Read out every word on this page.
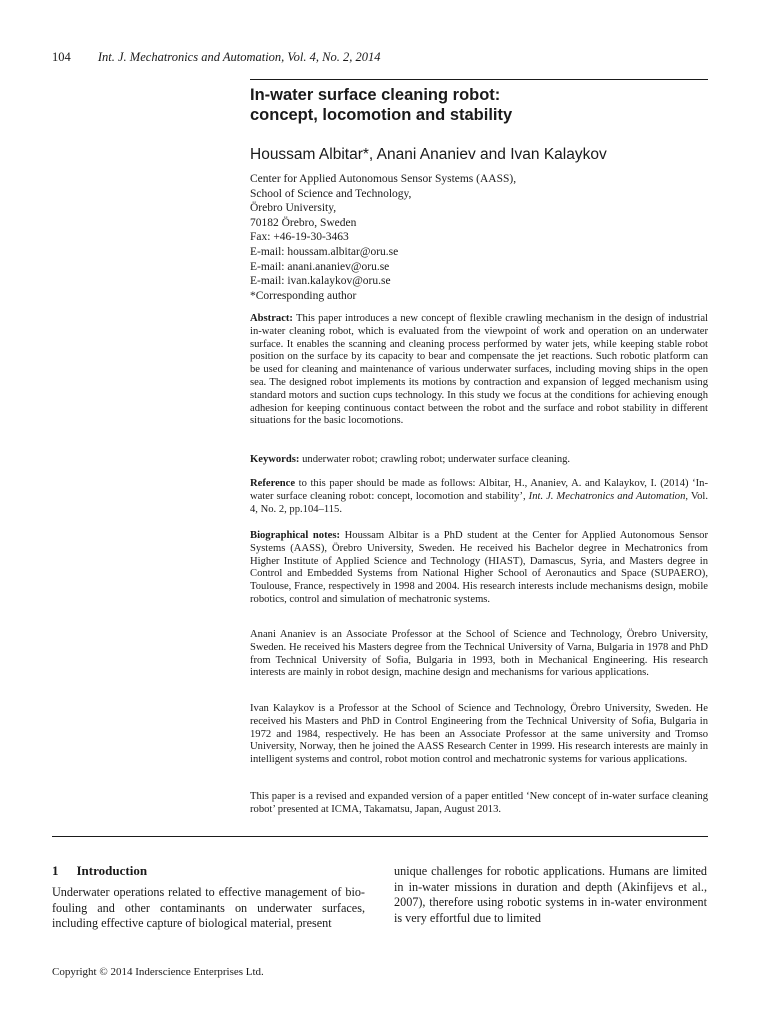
104 Int. J. Mechatronics and Automation, Vol. 4, No. 2, 2014
In-water surface cleaning robot:
concept, locomotion and stability
Houssam Albitar*, Anani Ananiev and Ivan Kalaykov
Center for Applied Autonomous Sensor Systems (AASS),
School of Science and Technology,
Örebro University,
70182 Örebro, Sweden
Fax: +46-19-30-3463
E-mail: houssam.albitar@oru.se
E-mail: anani.ananiev@oru.se
E-mail: ivan.kalaykov@oru.se
*Corresponding author

Abstract: This paper introduces a new concept of flexible crawling mechanism in the design of industrial in-water cleaning robot, which is evaluated from the viewpoint of work and operation on an underwater surface. It enables the scanning and cleaning process performed by water jets, while keeping stable robot position on the surface by its capacity to bear and compensate the jet reactions. Such robotic platform can be used for cleaning and maintenance of various underwater surfaces, including moving ships in the open sea. The designed robot implements its motions by contraction and expansion of legged mechanism using standard motors and suction cups technology. In this study we focus at the conditions for achieving enough adhesion for keeping continuous contact between the robot and the surface and robot stability in different situations for the basic locomotions.

Keywords: underwater robot; crawling robot; underwater surface cleaning.

Reference to this paper should be made as follows: Albitar, H., Ananiev, A. and Kalaykov, I. (2014) ‘In-water surface cleaning robot: concept, locomotion and stability’, Int. J. Mechatronics and Automation, Vol. 4, No. 2, pp.104–115.

Biographical notes: Houssam Albitar is a PhD student at the Center for Applied Autonomous Sensor Systems (AASS), Örebro University, Sweden. He received his Bachelor degree in Mechatronics from Higher Institute of Applied Science and Technology (HIAST), Damascus, Syria, and Masters degree in Control and Embedded Systems from National Higher School of Aeronautics and Space (SUPAERO), Toulouse, France, respectively in 1998 and 2004. His research interests include mechanisms design, mobile robotics, control and simulation of mechatronic systems.

Anani Ananiev is an Associate Professor at the School of Science and Technology, Örebro University, Sweden. He received his Masters degree from the Technical University of Varna, Bulgaria in 1978 and PhD from Technical University of Sofia, Bulgaria in 1993, both in Mechanical Engineering. His research interests are mainly in robot design, machine design and mechanisms for various applications.

Ivan Kalaykov is a Professor at the School of Science and Technology, Örebro University, Sweden. He received his Masters and PhD in Control Engineering from the Technical University of Sofia, Bulgaria in 1972 and 1984, respectively. He has been an Associate Professor at the same university and Tromso University, Norway, then he joined the AASS Research Center in 1999. His research interests are mainly in intelligent systems and control, robot motion control and mechatronic systems for various applications.

This paper is a revised and expanded version of a paper entitled ‘New concept of in-water surface cleaning robot’ presented at ICMA, Takamatsu, Japan, August 2013.

1 Introduction

Underwater operations related to effective management of bio-fouling and other contaminants on underwater surfaces, including effective capture of biological material, present

unique challenges for robotic applications. Humans are limited in in-water missions in duration and depth (Akinfijevs et al., 2007), therefore using robotic systems in in-water environment is very effortful due to limited

Copyright © 2014 Inderscience Enterprises Ltd.
